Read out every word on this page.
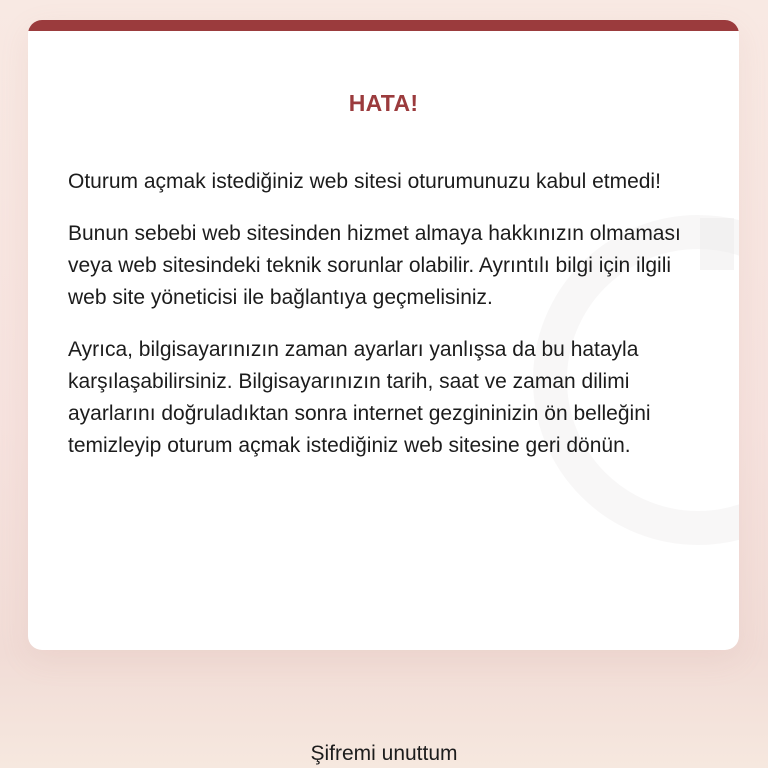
HATA!

Oturum açmak istediğiniz web sitesi oturumunuzu kabul etmedi!

Bunun sebebi web sitesinden hizmet almaya hakkınızın olmaması veya web sitesindeki teknik sorunlar olabilir. Ayrıntılı bilgi için ilgili web site yöneticisi ile bağlantıya geçmelisiniz.

Ayrıca, bilgisayarınızın zaman ayarları yanlışsa da bu hatayla karşılaşabilirsiniz. Bilgisayarınızın tarih, saat ve zaman dilimi ayarlarını doğruladıktan sonra internet gezgininizin ön belleğini temizleyip oturum açmak istediğiniz web sitesine geri dönün.

Şifremi unuttum
